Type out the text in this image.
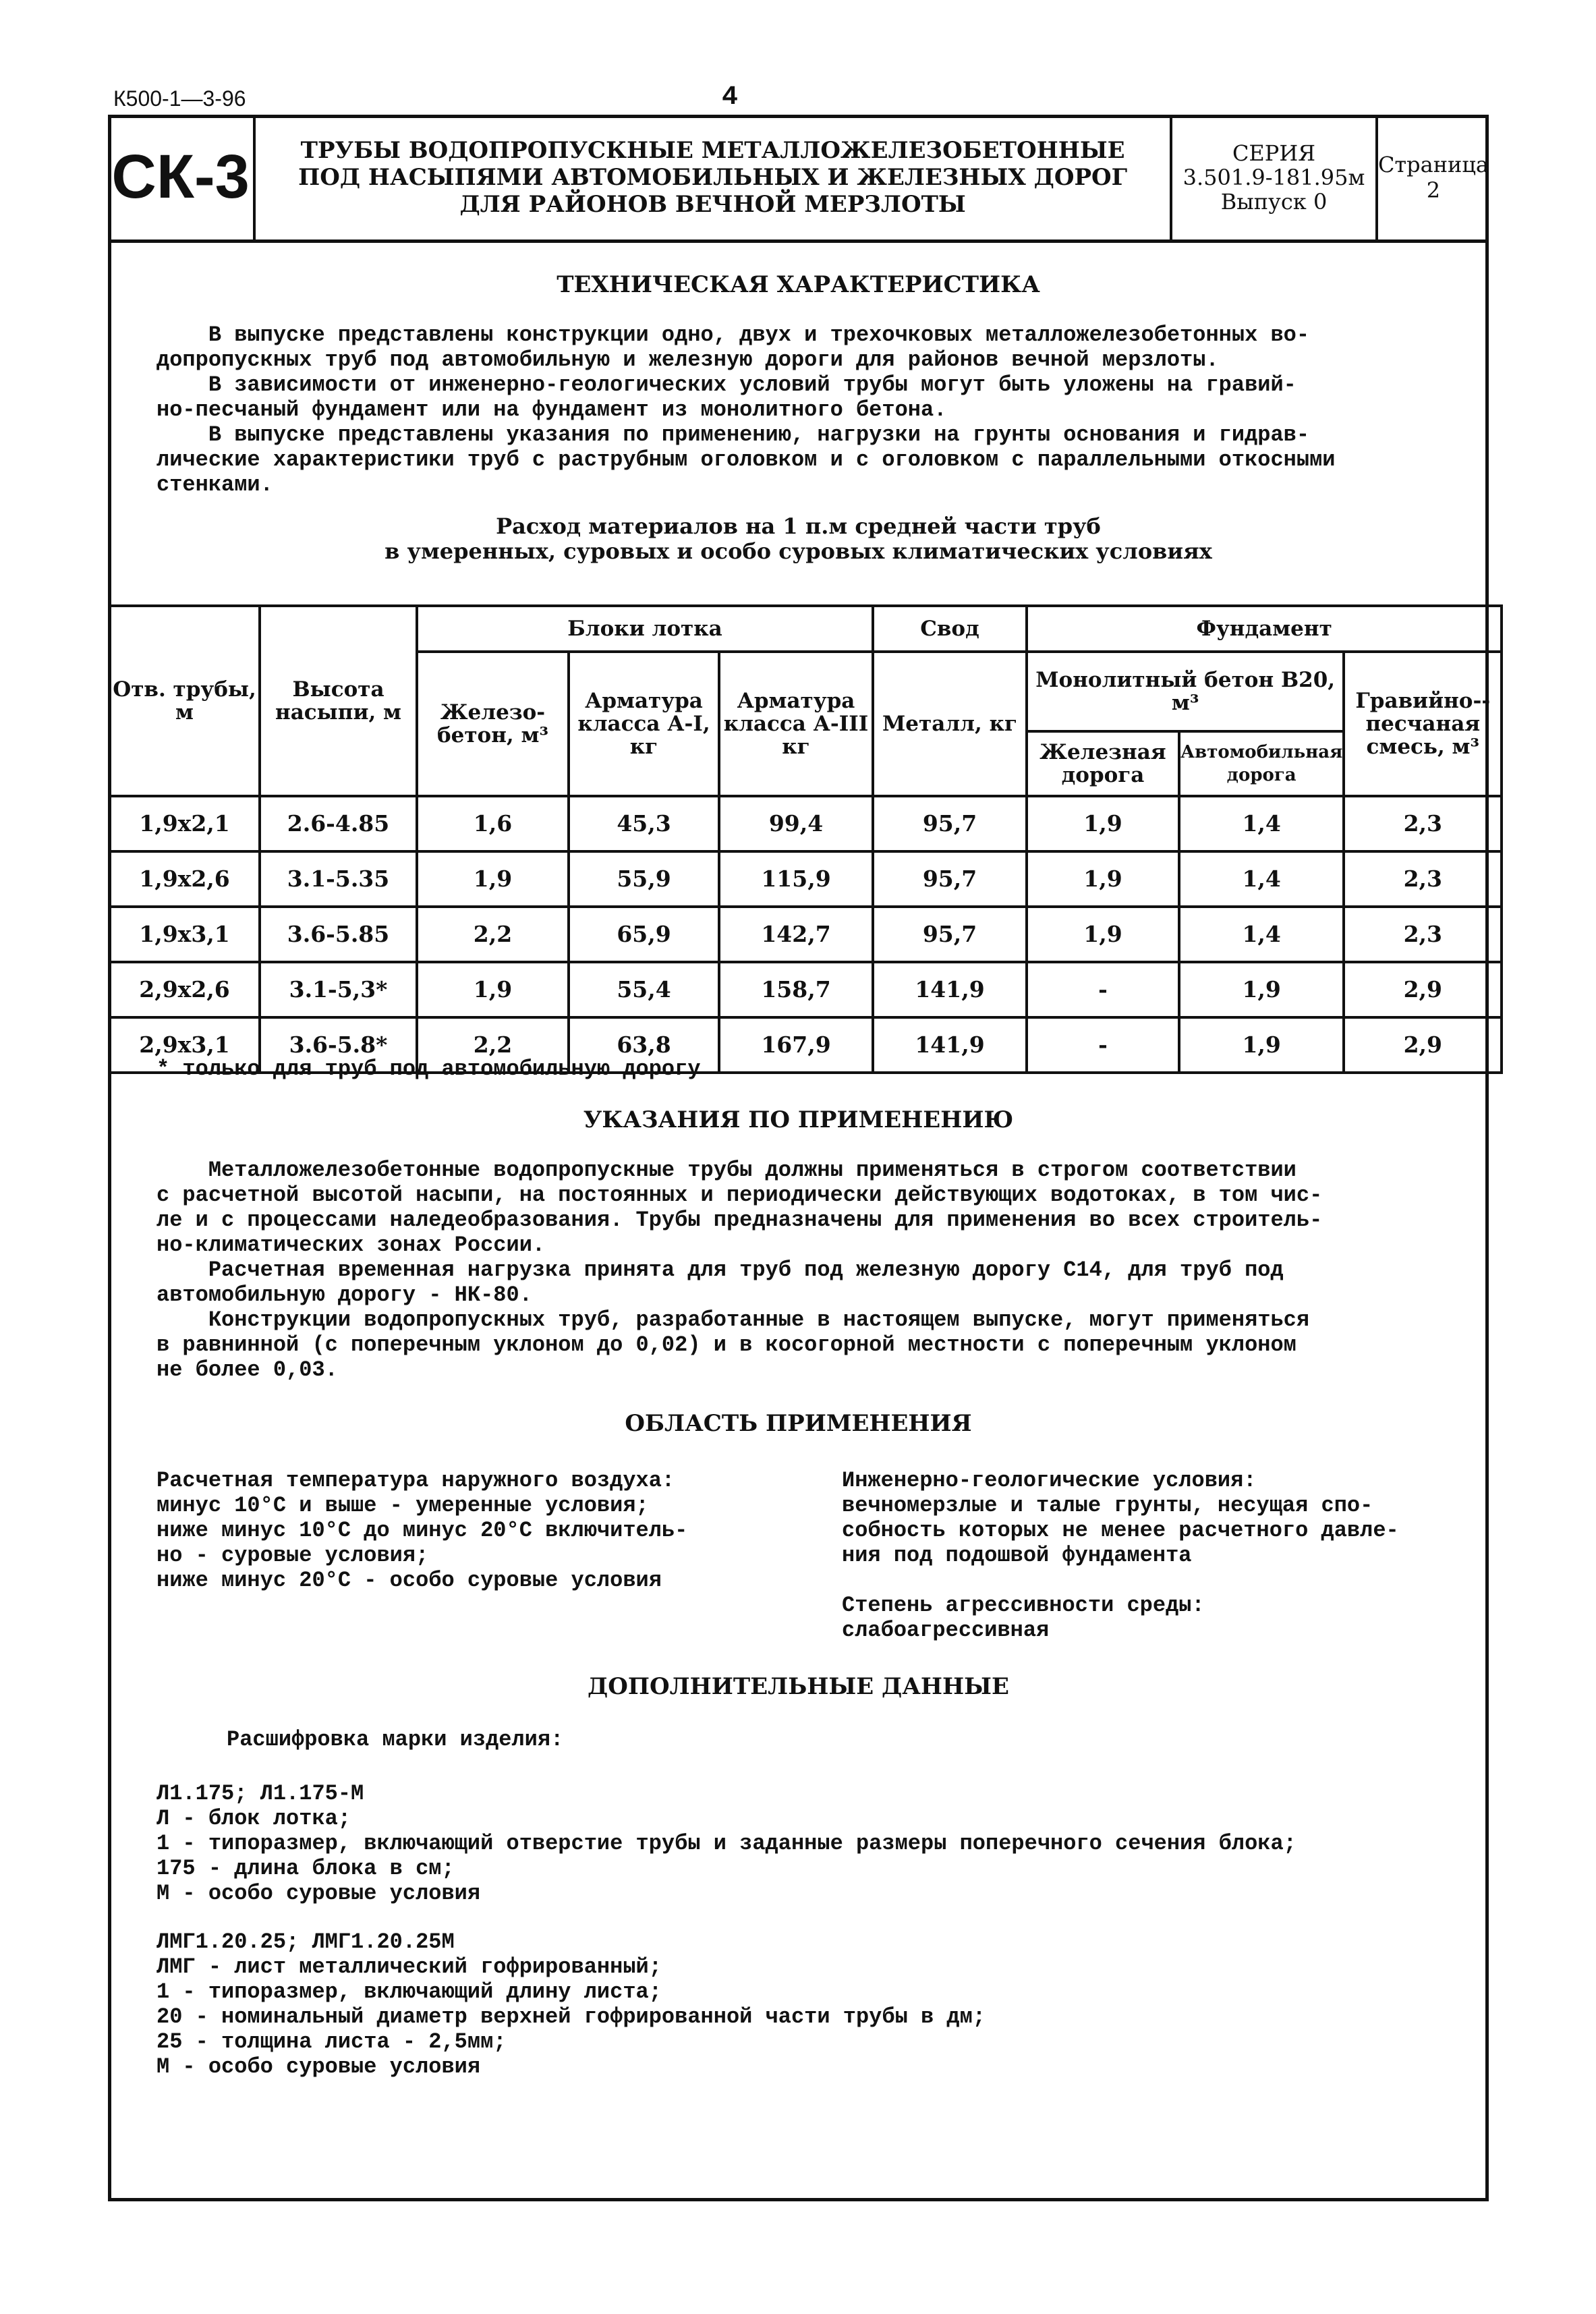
К500-1—3-96	4
СК-3 ТРУБЫ ВОДОПРОПУСКНЫЕ МЕТАЛЛОЖЕЛЕЗОБЕТОННЫЕ
ПОД НАСЫПЯМИ АВТОМОБИЛЬНЫХ И ЖЕЛЕЗНЫХ ДОРОГ
ДЛЯ РАЙОНОВ ВЕЧНОЙ МЕРЗЛОТЫ
СЕРИЯ
3.501.9-181.95м
Выпуск 0
Страница 2
ТЕХНИЧЕСКАЯ ХАРАКТЕРИСТИКА
В выпуске представлены конструкции одно, двух и трехочковых металложелезобетонных во-
допропускных труб под автомобильную и железную дороги для районов вечной мерзлоты.
В зависимости от инженерно-геологических условий трубы могут быть уложены на гравий-
но-песчаный фундамент или на фундамент из монолитного бетона.
В выпуске представлены указания по применению, нагрузки на грунты основания и гидрав-
лические характеристики труб с раструбным оголовком и с оголовком с параллельными откосными
стенками.
Расход материалов на 1 п.м средней части труб
в умеренных, суровых и особо суровых климатических условиях
Отв. трубы, м	Высота насыпи, м	Блоки лотка			Свод	Фундамент		
		Железо-бетон, м³	Арматура класса А-I, кг	Арматура класса А-III кг	Металл, кг	Монолитный бетон В20, м³		Гравийно--песчаная смесь, м³
						Железная дорога	Автомобильная дорога	
1,9x2,1	2.6-4.85	1,6	45,3	99,4	95,7	1,9	1,4	2,3
1,9x2,6	3.1-5.35	1,9	55,9	115,9	95,7	1,9	1,4	2,3
1,9x3,1	3.6-5.85	2,2	65,9	142,7	95,7	1,9	1,4	2,3
2,9x2,6	3.1-5,3*	1,9	55,4	158,7	141,9	-	1,9	2,9
2,9x3,1	3.6-5.8*	2,2	63,8	167,9	141,9	-	1,9	2,9
* только для труб под автомобильную дорогу
УКАЗАНИЯ ПО ПРИМЕНЕНИЮ
Металложелезобетонные водопропускные трубы должны применяться в строгом соответствии
с расчетной высотой насыпи, на постоянных и периодически действующих водотоках, в том чис-
ле и с процессами наледеобразования. Трубы предназначены для применения во всех строитель-
но-климатических зонах России.
Расчетная временная нагрузка принята для труб под железную дорогу С14, для труб под
автомобильную дорогу - НК-80.
Конструкции водопропускных труб, разработанные в настоящем выпуске, могут применяться
в равнинной (с поперечным уклоном до 0,02) и в косогорной местности с поперечным уклоном
не более 0,03.
ОБЛАСТЬ ПРИМЕНЕНИЯ
Расчетная температура наружного воздуха:
минус 10°С и выше - умеренные условия;
ниже минус 10°С до минус 20°С включитель-
но - суровые условия;
ниже минус 20°С - особо суровые условия
Инженерно-геологические условия:
вечномерзлые и талые грунты, несущая спо-
собность которых не менее расчетного давле-
ния под подошвой фундамента

Степень агрессивности среды:
слабоагрессивная
ДОПОЛНИТЕЛЬНЫЕ ДАННЫЕ
Расшифровка марки изделия:
Л1.175; Л1.175-М
Л - блок лотка;
1 - типоразмер, включающий отверстие трубы и заданные размеры поперечного сечения блока;
175 - длина блока в см;
М - особо суровые условия
ЛМГ1.20.25; ЛМГ1.20.25М
ЛМГ - лист металлический гофрированный;
1 - типоразмер, включающий длину листа;
20 - номинальный диаметр верхней гофрированной части трубы в дм;
25 - толщина листа - 2,5мм;
М - особо суровые условия
